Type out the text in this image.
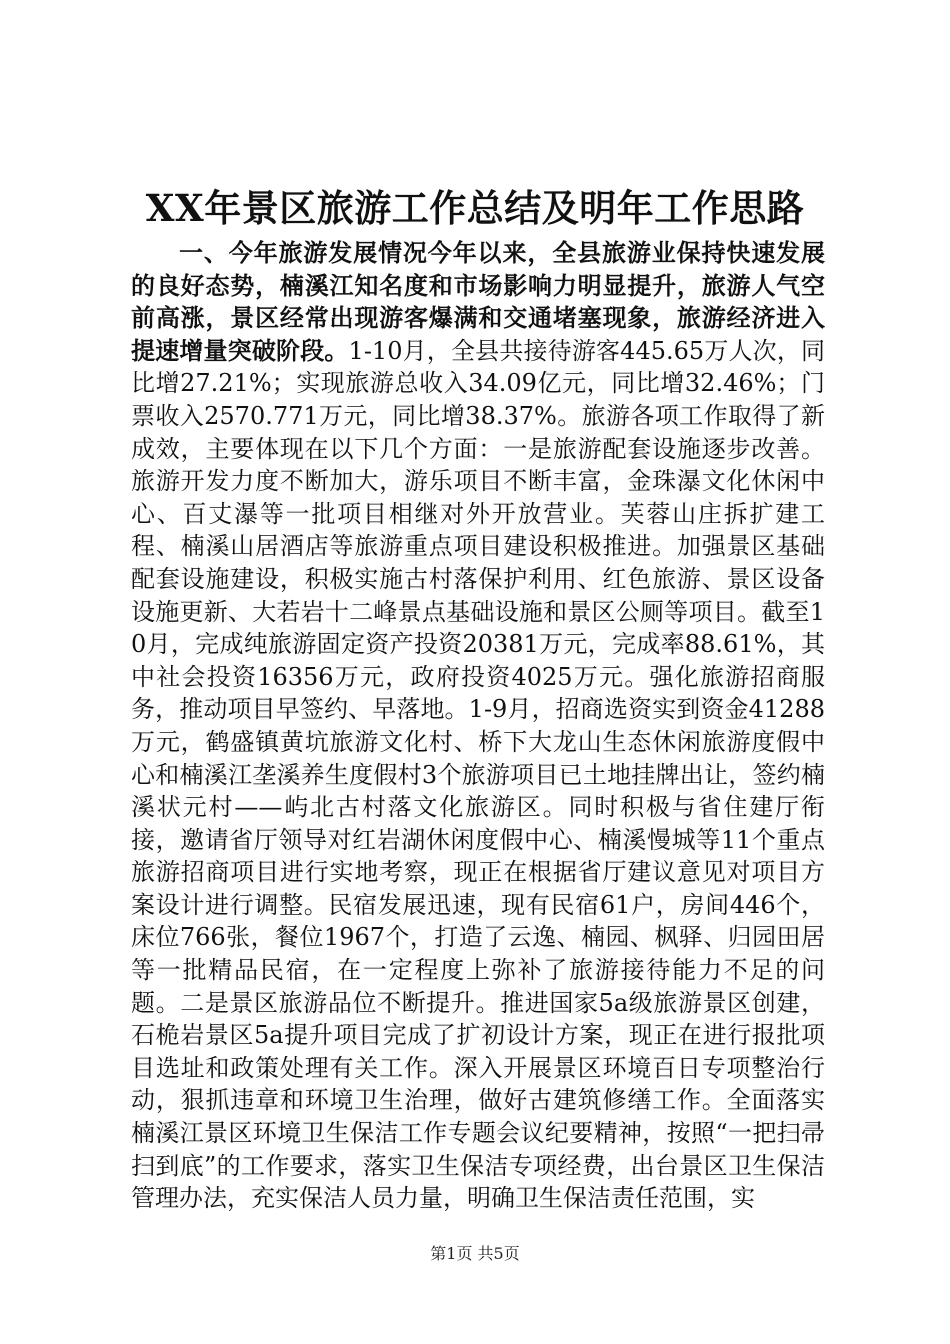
XX年景区旅游工作总结及明年工作思路

一、今年旅游发展情况今年以来，全县旅游业保持快速发展的良好态势，楠溪江知名度和市场影响力明显提升，旅游人气空前高涨，景区经常出现游客爆满和交通堵塞现象，旅游经济进入提速增量突破阶段。1-10月，全县共接待游客445.65万人次，同比增27.21%；实现旅游总收入34.09亿元，同比增32.46%；门票收入2570.771万元，同比增38.37%。旅游各项工作取得了新成效，主要体现在以下几个方面：一是旅游配套设施逐步改善。旅游开发力度不断加大，游乐项目不断丰富，金珠瀑文化休闲中心、百丈瀑等一批项目相继对外开放营业。芙蓉山庄拆扩建工程、楠溪山居酒店等旅游重点项目建设积极推进。加强景区基础配套设施建设，积极实施古村落保护利用、红色旅游、景区设备设施更新、大若岩十二峰景点基础设施和景区公厕等项目。截至10月，完成纯旅游固定资产投资20381万元，完成率88.61%，其中社会投资16356万元，政府投资4025万元。强化旅游招商服务，推动项目早签约、早落地。1-9月，招商选资实到资金41288万元，鹤盛镇黄坑旅游文化村、桥下大龙山生态休闲旅游度假中心和楠溪江垄溪养生度假村3个旅游项目已土地挂牌出让，签约楠溪状元村——屿北古村落文化旅游区。同时积极与省住建厅衔接，邀请省厅领导对红岩湖休闲度假中心、楠溪慢城等11个重点旅游招商项目进行实地考察，现正在根据省厅建议意见对项目方案设计进行调整。民宿发展迅速，现有民宿61户，房间446个，床位766张，餐位1967个，打造了云逸、楠园、枫驿、归园田居等一批精品民宿，在一定程度上弥补了旅游接待能力不足的问题。二是景区旅游品位不断提升。推进国家5a级旅游景区创建，石桅岩景区5a提升项目完成了扩初设计方案，现正在进行报批项目选址和政策处理有关工作。深入开展景区环境百日专项整治行动，狠抓违章和环境卫生治理，做好古建筑修缮工作。全面落实楠溪江景区环境卫生保洁工作专题会议纪要精神，按照“一把扫帚扫到底”的工作要求，落实卫生保洁专项经费，出台景区卫生保洁管理办法，充实保洁人员力量，明确卫生保洁责任范围，实

第1页 共5页
